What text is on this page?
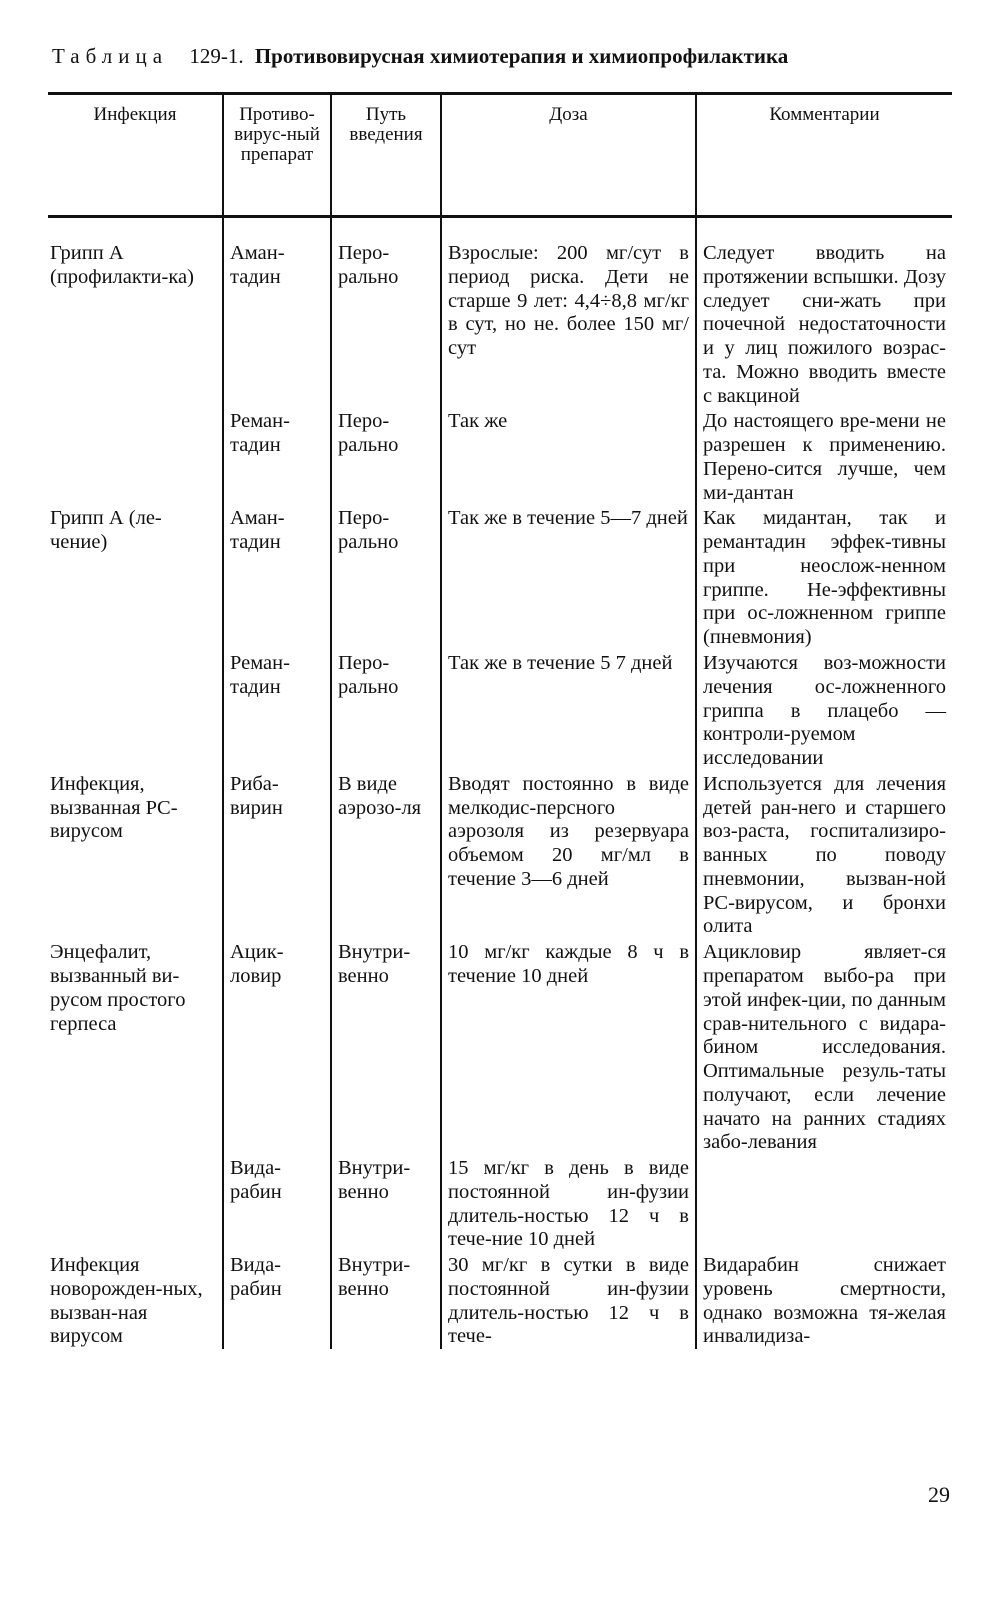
Таблица 129-1. Противовирусная химиотерапия и химиопрофилактика
Инфекция	Противо-вирус-ный препарат	Путь введения	Доза	Комментарии
Грипп А (профилакти-ка)	Аман-тадин	Перо-рально	Взрослые: 200 мг/сут в период риска. Дети не старше 9 лет: 4,4÷8,8 мг/кг в сут, но не. более 150 мг/сут	Следует вводить на протяжении вспышки. Дозу следует сни-жать при почечной недостаточности и у лиц пожилого возрас-та. Можно вводить вместе с вакциной
	Реман-тадин	Перо-рально	Так же	До настоящего вре-мени не разрешен к применению. Перено-сится лучше, чем ми-дантан
Грипп А (ле-чение)	Аман-тадин	Перо-рально	Так же в течение 5—7 дней	Как мидантан, так и ремантадин эффек-тивны при неослож-ненном гриппе. Не-эффективны при ос-ложненном гриппе (пневмония)
	Реман-тадин	Перо-рально	Так же в течение 5 7 дней	Изучаются воз-можности лечения ос-ложненного гриппа в плацебо — контроли-руемом исследовании
Инфекция, вызванная PC-вирусом	Риба-вирин	В виде аэрозо-ля	Вводят постоянно в виде мелкодис-персного аэрозоля из резервуара объемом 20 мг/мл в течение 3—6 дней	Используется для лечения детей ран-него и старшего воз-раста, госпитализиро-ванных по поводу пневмонии, вызван-ной PC-вирусом, и бронхи олита
Энцефалит, вызванный ви-русом простого герпеса	Ацик-ловир	Внутри-венно	10 мг/кг каждые 8 ч в течение 10 дней	Ацикловир являет-ся препаратом выбо-ра при этой инфек-ции, по данным срав-нительного с видара-бином исследования. Оптимальные резуль-таты получают, если лечение начато на ранних стадиях забо-левания
	Вида-рабин	Внутри-венно	15 мг/кг в день в виде постоянной ин-фузии длитель-ностью 12 ч в тече-ние 10 дней	
Инфекция новорожден-ных, вызван-ная вирусом	Вида-рабин	Внутри-венно	30 мг/кг в сутки в виде постоянной ин-фузии длитель-ностью 12 ч в тече-	Видарабин снижает уровень смертности, однако возможна тя-желая инвалидиза-
29
